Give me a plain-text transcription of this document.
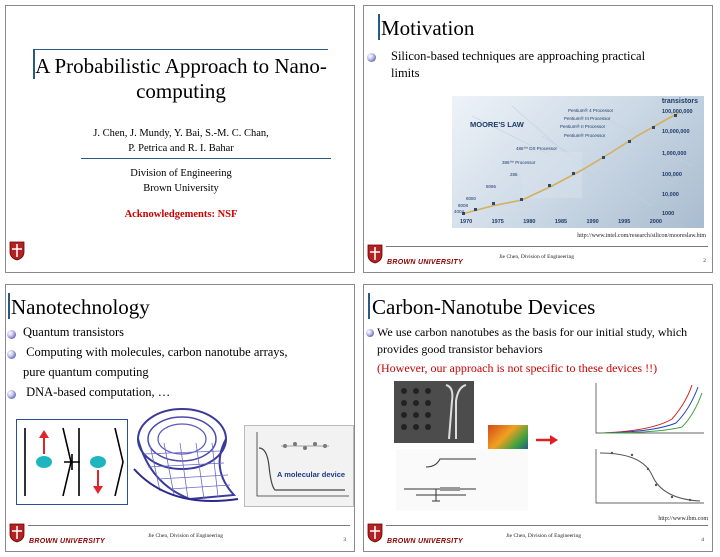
A Probabilistic Approach to Nano-
computing
J. Chen, J. Mundy, Y. Bai, S.-M. C. Chan,
P. Petrica and R. I. Bahar
Division of Engineering
Brown University
Acknowledgements: NSF
Motivation
Silicon-based techniques are approaching practical
limits
transistors
MOORE'S LAW
Pentium® 4 Processor
Pentium® III Processor
Pentium® II Processor
Pentium® Processor
486™ DX Processor
386™ Processor
286
8086
8080
8008
4004
100,000,000
10,000,000
1,000,000
100,000
10,000
1000
1970	1975	1980	1985	1990	1995	2000
http://www.intel.com/research/silicon/mooreslaw.htm
BROWN UNIVERSITY
Jie Chen, Division of Engineering
2
Nanotechnology
Quantum transistors
Computing with molecules, carbon nanotube arrays,
pure quantum computing
DNA-based computation, …
A molecular device
BROWN UNIVERSITY
Jie Chen, Division of Engineering
3
Carbon-Nanotube Devices
We use carbon nanotubes as the basis for our initial study, which
provides good transistor behaviors
(However, our approach is not specific to these devices !!)
http://www.ibm.com
BROWN UNIVERSITY
Jie Chen, Division of Engineering
4
